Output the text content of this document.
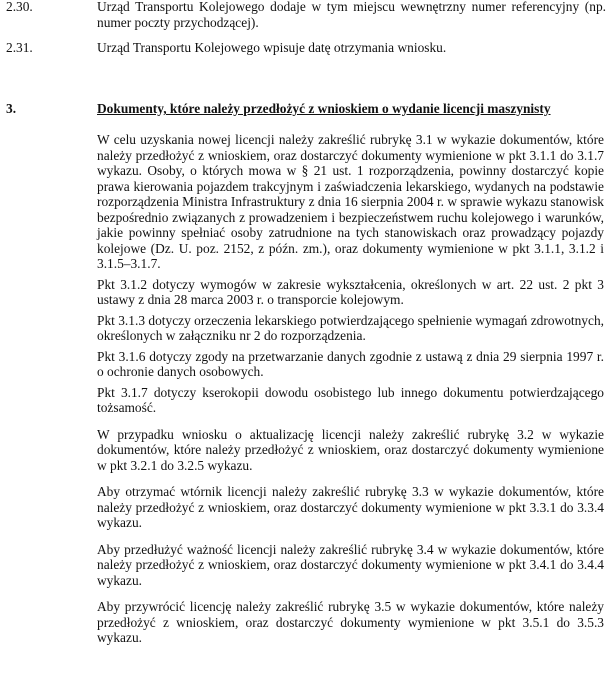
2.30.	Urząd Transportu Kolejowego dodaje w tym miejscu wewnętrzny numer referencyjny (np. numer poczty przychodzącej).
2.31.	Urząd Transportu Kolejowego wpisuje datę otrzymania wniosku.
3.	Dokumenty, które należy przedłożyć z wnioskiem o wydanie licencji maszynisty

W celu uzyskania nowej licencji należy zakreślić rubrykę 3.1 w wykazie dokumentów, które należy przedłożyć z wnioskiem, oraz dostarczyć dokumenty wymienione w pkt 3.1.1 do 3.1.7 wykazu. Osoby, o których mowa w § 21 ust. 1 rozporządzenia, powinny dostarczyć kopie prawa kierowania pojazdem trakcyjnym i zaświadczenia lekarskiego, wydanych na podstawie rozporządzenia Ministra Infrastruktury z dnia 16 sierpnia 2004 r. w sprawie wykazu stanowisk bezpośrednio związanych z prowadzeniem i bezpieczeństwem ruchu kolejowego i warunków, jakie powinny spełniać osoby zatrudnione na tych stanowiskach oraz prowadzący pojazdy kolejowe (Dz. U. poz. 2152, z późn. zm.), oraz dokumenty wymienione w pkt 3.1.1, 3.1.2 i 3.1.5–3.1.7.

Pkt 3.1.2 dotyczy wymogów w zakresie wykształcenia, określonych w art. 22 ust. 2 pkt 3 ustawy z dnia 28 marca 2003 r. o transporcie kolejowym.

Pkt 3.1.3 dotyczy orzeczenia lekarskiego potwierdzającego spełnienie wymagań zdrowotnych, określonych w załączniku nr 2 do rozporządzenia.

Pkt 3.1.6 dotyczy zgody na przetwarzanie danych zgodnie z ustawą z dnia 29 sierpnia 1997 r. o ochronie danych osobowych.

Pkt 3.1.7 dotyczy kserokopii dowodu osobistego lub innego dokumentu potwierdzającego tożsamość.

W przypadku wniosku o aktualizację licencji należy zakreślić rubrykę 3.2 w wykazie dokumentów, które należy przedłożyć z wnioskiem, oraz dostarczyć dokumenty wymienione w pkt 3.2.1 do 3.2.5 wykazu.

Aby otrzymać wtórnik licencji należy zakreślić rubrykę 3.3 w wykazie dokumentów, które należy przedłożyć z wnioskiem, oraz dostarczyć dokumenty wymienione w pkt 3.3.1 do 3.3.4 wykazu.

Aby przedłużyć ważność licencji należy zakreślić rubrykę 3.4 w wykazie dokumentów, które należy przedłożyć z wnioskiem, oraz dostarczyć dokumenty wymienione w pkt 3.4.1 do 3.4.4 wykazu.

Aby przywrócić licencję należy zakreślić rubrykę 3.5 w wykazie dokumentów, które należy przedłożyć z wnioskiem, oraz dostarczyć dokumenty wymienione w pkt 3.5.1 do 3.5.3 wykazu.
